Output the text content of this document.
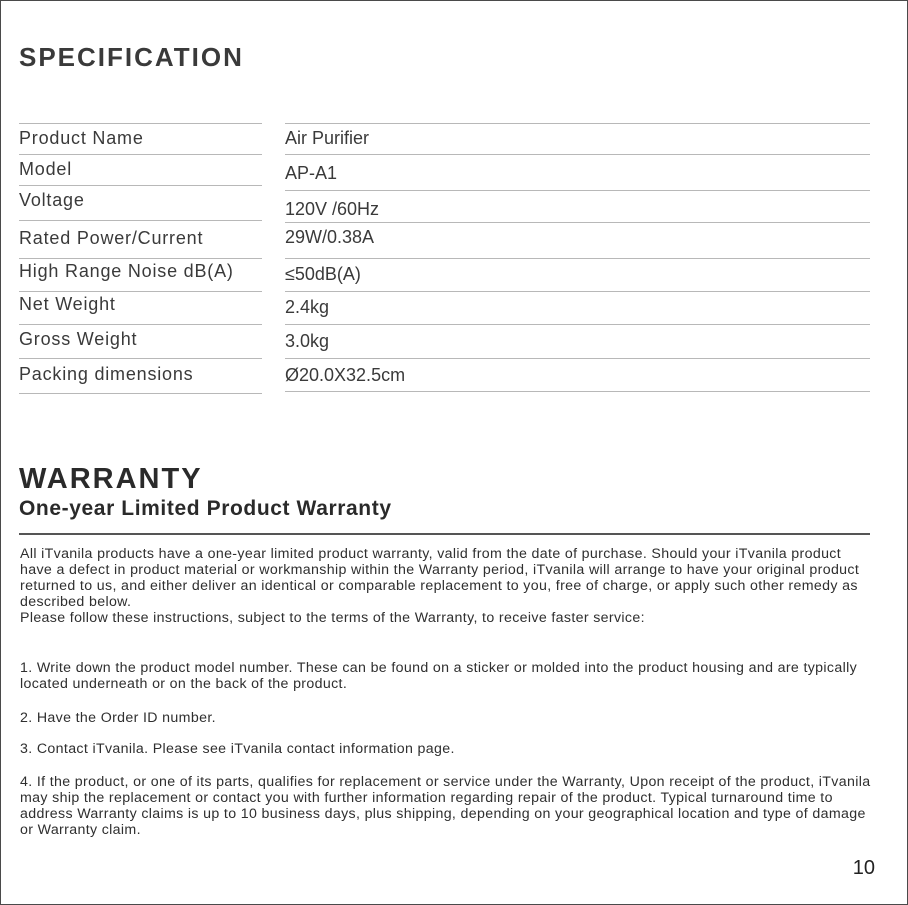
SPECIFICATION
Product Name	Air Purifier
Model	AP-A1
Voltage	120V /60Hz
Rated Power/Current	29W/0.38A
High Range Noise dB(A)	≤50dB(A)
Net Weight	2.4kg
Gross Weight	3.0kg
Packing dimensions	Ø20.0X32.5cm
WARRANTY
One-year Limited Product Warranty

All iTvanila products have a one-year limited product warranty, valid from the date of purchase. Should your iTvanila product have a defect in product material or workmanship within the Warranty period, iTvanila will arrange to have your original product returned to us, and either deliver an identical or comparable replacement to you, free of charge, or apply such other remedy as described below.

Please follow these instructions, subject to the terms of the Warranty, to receive faster service:

1. Write down the product model number. These can be found on a sticker or molded into the product housing and are typically located underneath or on the back of the product.

2. Have the Order ID number.

3. Contact iTvanila. Please see iTvanila contact information page.

4. If the product, or one of its parts, qualifies for replacement or service under the Warranty, Upon receipt of the product, iTvanila may ship the replacement or contact you with further information regarding repair of the product. Typical turnaround time to address Warranty claims is up to 10 business days, plus shipping, depending on your geographical location and type of damage or Warranty claim.

10
